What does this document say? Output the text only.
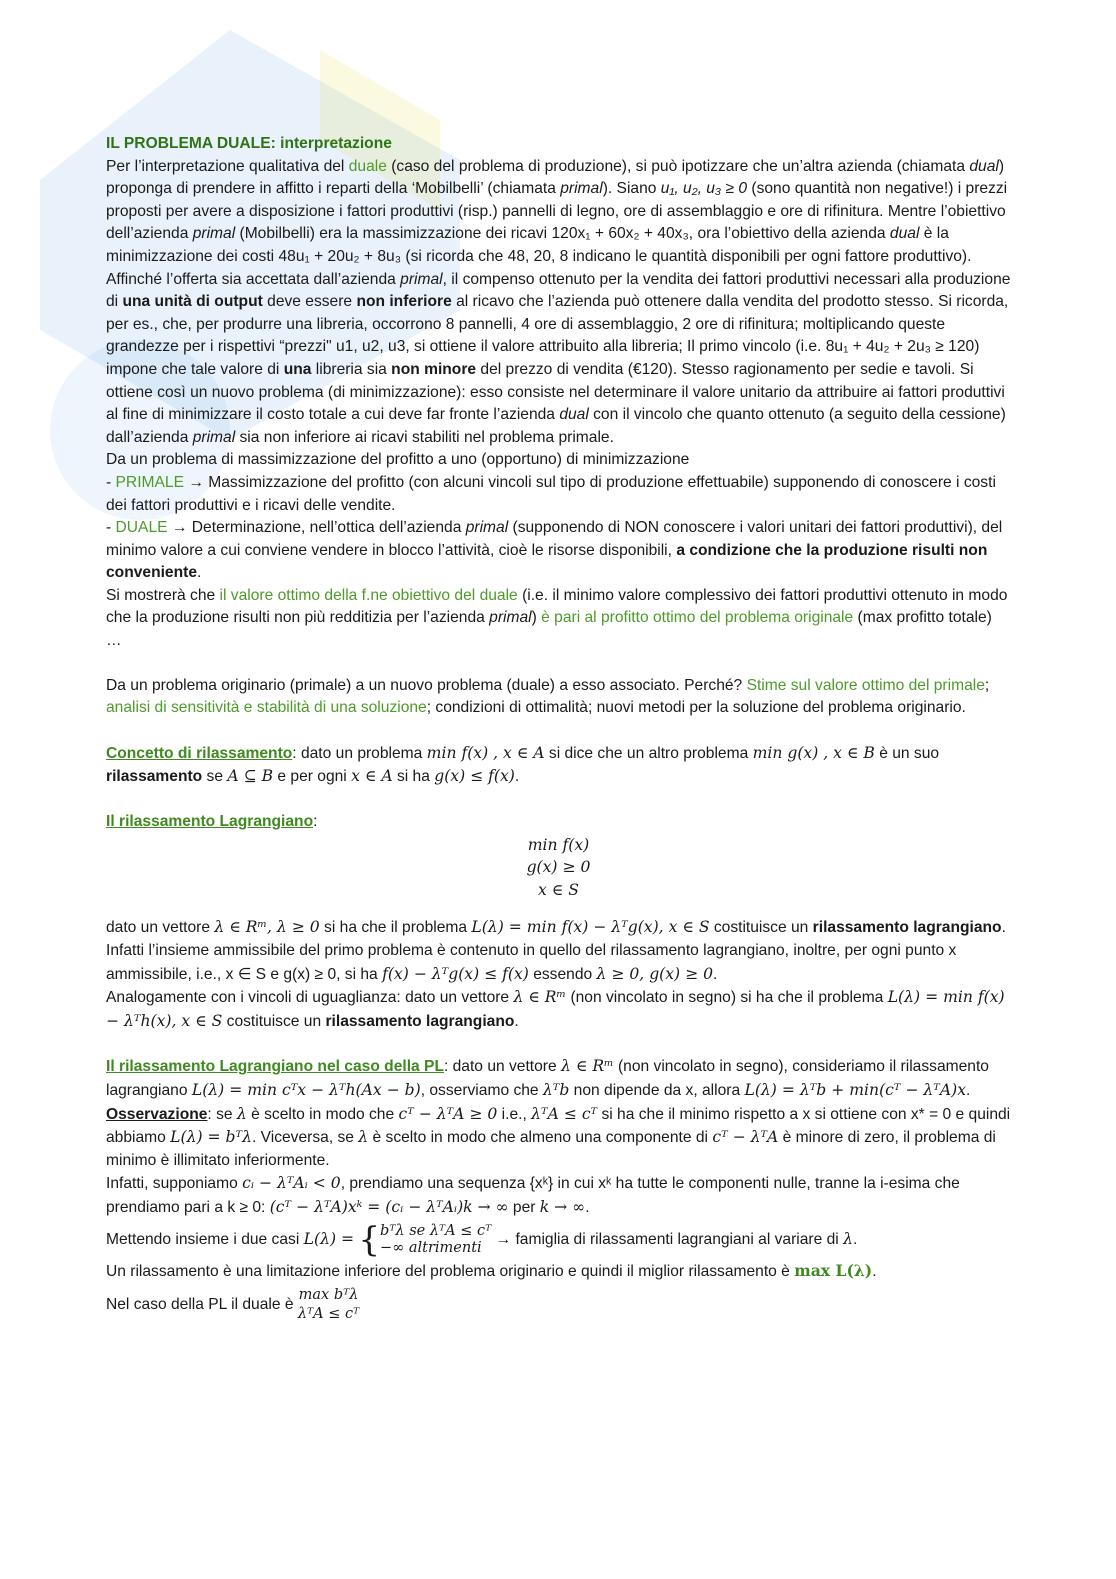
IL PROBLEMA DUALE: interpretazione

Per l’interpretazione qualitativa del duale (caso del problema di produzione), si può ipotizzare che un’altra azienda (chiamata dual) proponga di prendere in affitto i reparti della ‘Mobilbelli’ (chiamata primal). Siano u₁, u₂, u₃ ≥ 0 (sono quantità non negative!) i prezzi proposti per avere a disposizione i fattori produttivi (risp.) pannelli di legno, ore di assemblaggio e ore di rifinitura. Mentre l’obiettivo dell’azienda primal (Mobilbelli) era la massimizzazione dei ricavi 120x₁ + 60x₂ + 40x₃, ora l’obiettivo della azienda dual è la minimizzazione dei costi 48u₁ + 20u₂ + 8u₃ (si ricorda che 48, 20, 8 indicano le quantità disponibili per ogni fattore produttivo).

Affinché l’offerta sia accettata dall’azienda primal, il compenso ottenuto per la vendita dei fattori produttivi necessari alla produzione di una unità di output deve essere non inferiore al ricavo che l’azienda può ottenere dalla vendita del prodotto stesso. Si ricorda, per es., che, per produrre una libreria, occorrono 8 pannelli, 4 ore di assemblaggio, 2 ore di rifinitura; moltiplicando queste grandezze per i rispettivi “prezzi" u1, u2, u3, si ottiene il valore attribuito alla libreria; Il primo vincolo (i.e. 8u₁ + 4u₂ + 2u₃ ≥ 120) impone che tale valore di una libreria sia non minore del prezzo di vendita (€120). Stesso ragionamento per sedie e tavoli. Si ottiene così un nuovo problema (di minimizzazione): esso consiste nel determinare il valore unitario da attribuire ai fattori produttivi al fine di minimizzare il costo totale a cui deve far fronte l’azienda dual con il vincolo che quanto ottenuto (a seguito della cessione) dall’azienda primal sia non inferiore ai ricavi stabiliti nel problema primale.

Da un problema di massimizzazione del profitto a uno (opportuno) di minimizzazione

- PRIMALE → Massimizzazione del profitto (con alcuni vincoli sul tipo di produzione effettuabile) supponendo di conoscere i costi dei fattori produttivi e i ricavi delle vendite.

- DUALE → Determinazione, nell’ottica dell’azienda primal (supponendo di NON conoscere i valori unitari dei fattori produttivi), del minimo valore a cui conviene vendere in blocco l’attività, cioè le risorse disponibili, a condizione che la produzione risulti non conveniente.

Si mostrerà che il valore ottimo della f.ne obiettivo del duale (i.e. il minimo valore complessivo dei fattori produttivi ottenuto in modo che la produzione risulti non più redditizia per l’azienda primal) è pari al profitto ottimo del problema originale (max profitto totale) …

Da un problema originario (primale) a un nuovo problema (duale) a esso associato. Perché? Stime sul valore ottimo del primale; analisi di sensitività e stabilità di una soluzione; condizioni di ottimalità; nuovi metodi per la soluzione del problema originario.

Concetto di rilassamento: dato un problema min f(x) , x ∈ A si dice che un altro problema min g(x) , x ∈ B è un suo rilassamento se A ⊆ B e per ogni x ∈ A si ha g(x) ≤ f(x).

Il rilassamento Lagrangiano:

min f(x)

g(x) ≥ 0

x ∈ S

dato un vettore λ ∈ Rᵐ, λ ≥ 0 si ha che il problema L(λ) = min f(x) − λᵀg(x), x ∈ S costituisce un rilassamento lagrangiano. Infatti l’insieme ammissibile del primo problema è contenuto in quello del rilassamento lagrangiano, inoltre, per ogni punto x ammissibile, i.e., x ∈ S e g(x) ≥ 0, si ha f(x) − λᵀg(x) ≤ f(x) essendo λ ≥ 0, g(x) ≥ 0.

Analogamente con i vincoli di uguaglianza: dato un vettore λ ∈ Rᵐ (non vincolato in segno) si ha che il problema L(λ) = min f(x) − λᵀh(x), x ∈ S costituisce un rilassamento lagrangiano.

Il rilassamento Lagrangiano nel caso della PL: dato un vettore λ ∈ Rᵐ (non vincolato in segno), consideriamo il rilassamento lagrangiano L(λ) = min cᵀx − λᵀh(Ax − b), osserviamo che λᵀb non dipende da x, allora L(λ) = λᵀb + min(cᵀ − λᵀA)x.

Osservazione: se λ è scelto in modo che cᵀ − λᵀA ≥ 0 i.e., λᵀA ≤ cᵀ si ha che il minimo rispetto a x si ottiene con x* = 0 e quindi abbiamo L(λ) = bᵀλ. Viceversa, se λ è scelto in modo che almeno una componente di cᵀ − λᵀA è minore di zero, il problema di minimo è illimitato inferiormente.

Infatti, supponiamo cᵢ − λᵀAᵢ < 0, prendiamo una sequenza {xᵏ} in cui xᵏ ha tutte le componenti nulle, tranne la i-esima che prendiamo pari a k ≥ 0: (cᵀ − λᵀA)xᵏ = (cᵢ − λᵀAᵢ)k → ∞ per k → ∞.

Mettendo insieme i due casi L(λ) = {bᵀλ se λᵀA ≤ cᵀ
−∞ altrimenti → famiglia di rilassamenti lagrangiani al variare di λ.

Un rilassamento è una limitazione inferiore del problema originario e quindi il miglior rilassamento è max L(λ).

Nel caso della PL il duale è max bᵀλ
λᵀA ≤ cᵀ
